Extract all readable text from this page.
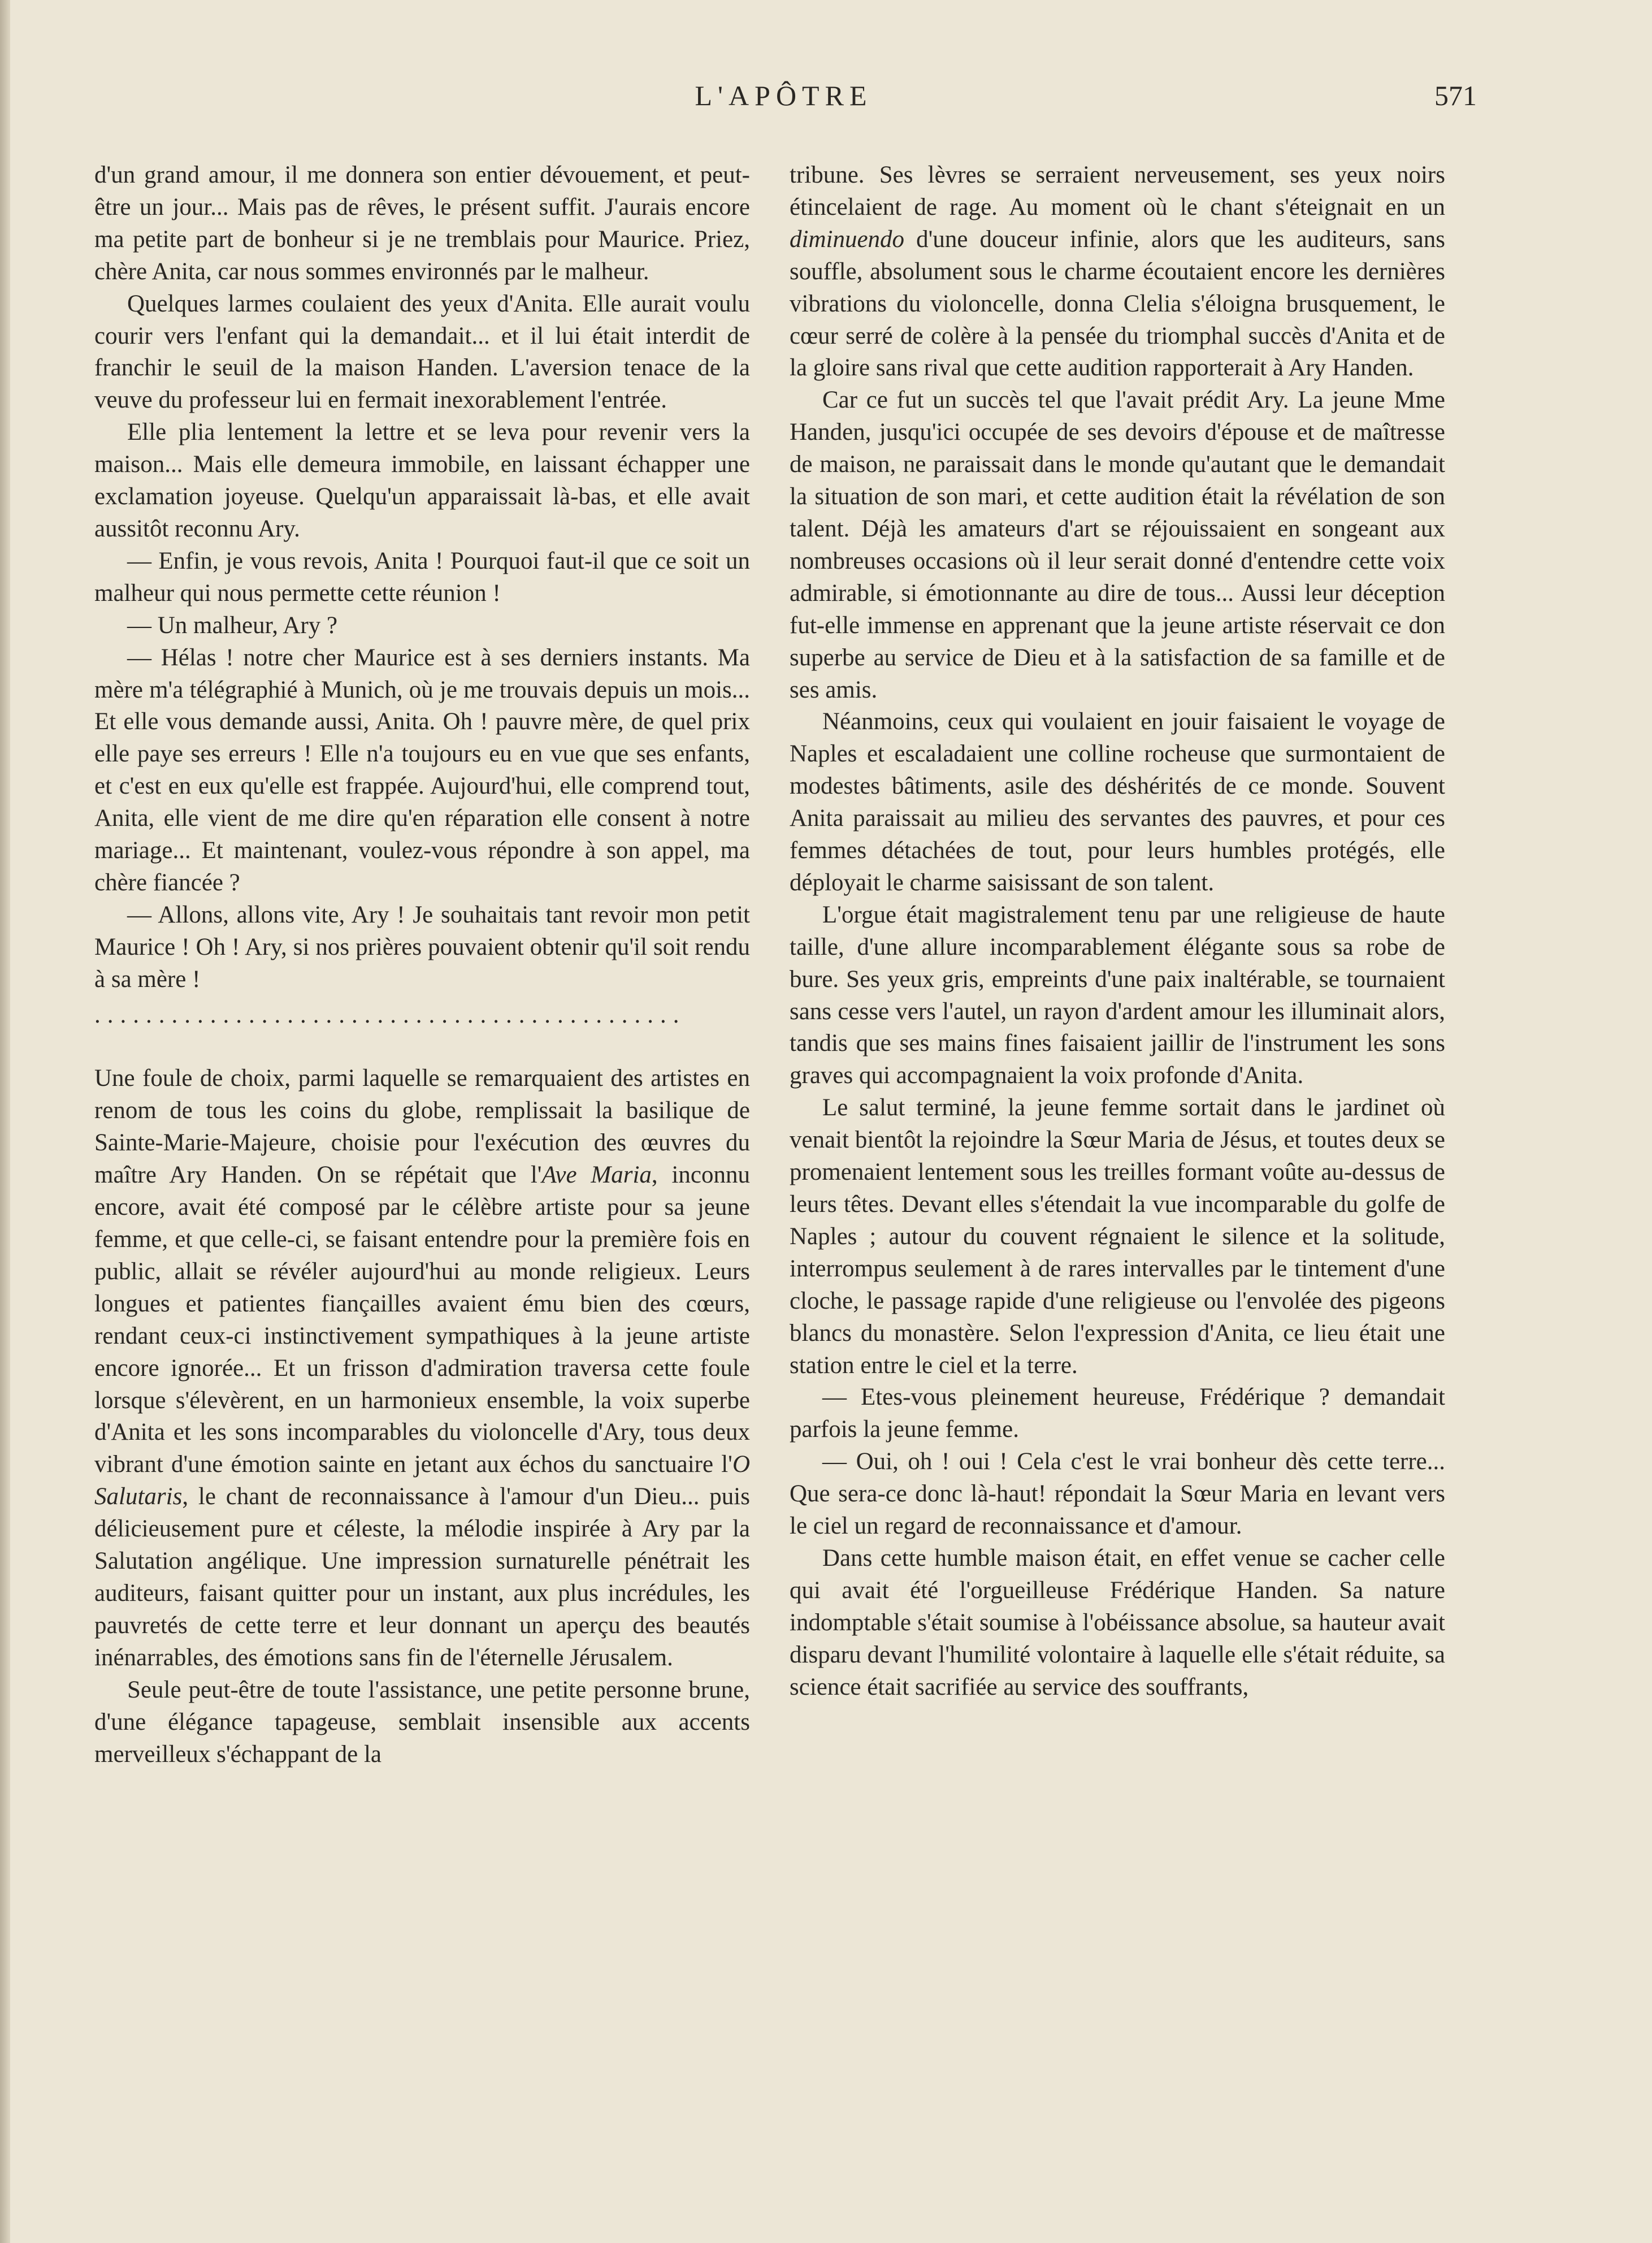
L'APÔTRE	571

d'un grand amour, il me donnera son entier dévouement, et peut-être un jour... Mais pas de rêves, le présent suffit. J'aurais encore ma petite part de bonheur si je ne tremblais pour Maurice. Priez, chère Anita, car nous sommes environnés par le malheur.

Quelques larmes coulaient des yeux d'Anita. Elle aurait voulu courir vers l'enfant qui la demandait... et il lui était interdit de franchir le seuil de la maison Handen. L'aversion tenace de la veuve du professeur lui en fermait inexorablement l'entrée.

Elle plia lentement la lettre et se leva pour revenir vers la maison... Mais elle demeura immobile, en laissant échapper une exclamation joyeuse. Quelqu'un apparaissait là-bas, et elle avait aussitôt reconnu Ary.

— Enfin, je vous revois, Anita ! Pourquoi faut-il que ce soit un malheur qui nous permette cette réunion !

— Un malheur, Ary ?

— Hélas ! notre cher Maurice est à ses derniers instants. Ma mère m'a télégraphié à Munich, où je me trouvais depuis un mois... Et elle vous demande aussi, Anita. Oh ! pauvre mère, de quel prix elle paye ses erreurs ! Elle n'a toujours eu en vue que ses enfants, et c'est en eux qu'elle est frappée. Aujourd'hui, elle comprend tout, Anita, elle vient de me dire qu'en réparation elle consent à notre mariage... Et maintenant, voulez-vous répondre à son appel, ma chère fiancée ?

— Allons, allons vite, Ary ! Je souhaitais tant revoir mon petit Maurice ! Oh ! Ary, si nos prières pouvaient obtenir qu'il soit rendu à sa mère !

..............................................

Une foule de choix, parmi laquelle se remarquaient des artistes en renom de tous les coins du globe, remplissait la basilique de Sainte-Marie-Majeure, choisie pour l'exécution des œuvres du maître Ary Handen. On se répétait que l'Ave Maria, inconnu encore, avait été composé par le célèbre artiste pour sa jeune femme, et que celle-ci, se faisant entendre pour la première fois en public, allait se révéler aujourd'hui au monde religieux. Leurs longues et patientes fiançailles avaient ému bien des cœurs, rendant ceux-ci instinctivement sympathiques à la jeune artiste encore ignorée... Et un frisson d'admiration traversa cette foule lorsque s'élevèrent, en un harmonieux ensemble, la voix superbe d'Anita et les sons incomparables du violoncelle d'Ary, tous deux vibrant d'une émotion sainte en jetant aux échos du sanctuaire l'O Salutaris, le chant de reconnaissance à l'amour d'un Dieu... puis délicieusement pure et céleste, la mélodie inspirée à Ary par la Salutation angélique. Une impression surnaturelle pénétrait les auditeurs, faisant quitter pour un instant, aux plus incrédules, les pauvretés de cette terre et leur donnant un aperçu des beautés inénarrables, des émotions sans fin de l'éternelle Jérusalem.

Seule peut-être de toute l'assistance, une petite personne brune, d'une élégance tapageuse, semblait insensible aux accents merveilleux s'échappant de la

tribune. Ses lèvres se serraient nerveusement, ses yeux noirs étincelaient de rage. Au moment où le chant s'éteignait en un diminuendo d'une douceur infinie, alors que les auditeurs, sans souffle, absolument sous le charme écoutaient encore les dernières vibrations du violoncelle, donna Clelia s'éloigna brusquement, le cœur serré de colère à la pensée du triomphal succès d'Anita et de la gloire sans rival que cette audition rapporterait à Ary Handen.

Car ce fut un succès tel que l'avait prédit Ary. La jeune Mme Handen, jusqu'ici occupée de ses devoirs d'épouse et de maîtresse de maison, ne paraissait dans le monde qu'autant que le demandait la situation de son mari, et cette audition était la révélation de son talent. Déjà les amateurs d'art se réjouissaient en songeant aux nombreuses occasions où il leur serait donné d'entendre cette voix admirable, si émotionnante au dire de tous... Aussi leur déception fut-elle immense en apprenant que la jeune artiste réservait ce don superbe au service de Dieu et à la satisfaction de sa famille et de ses amis.

Néanmoins, ceux qui voulaient en jouir faisaient le voyage de Naples et escaladaient une colline rocheuse que surmontaient de modestes bâtiments, asile des déshérités de ce monde. Souvent Anita paraissait au milieu des servantes des pauvres, et pour ces femmes détachées de tout, pour leurs humbles protégés, elle déployait le charme saisissant de son talent.

L'orgue était magistralement tenu par une religieuse de haute taille, d'une allure incomparablement élégante sous sa robe de bure. Ses yeux gris, empreints d'une paix inaltérable, se tournaient sans cesse vers l'autel, un rayon d'ardent amour les illuminait alors, tandis que ses mains fines faisaient jaillir de l'instrument les sons graves qui accompagnaient la voix profonde d'Anita.

Le salut terminé, la jeune femme sortait dans le jardinet où venait bientôt la rejoindre la Sœur Maria de Jésus, et toutes deux se promenaient lentement sous les treilles formant voûte au-dessus de leurs têtes. Devant elles s'étendait la vue incomparable du golfe de Naples ; autour du couvent régnaient le silence et la solitude, interrompus seulement à de rares intervalles par le tintement d'une cloche, le passage rapide d'une religieuse ou l'envolée des pigeons blancs du monastère. Selon l'expression d'Anita, ce lieu était une station entre le ciel et la terre.

— Etes-vous pleinement heureuse, Frédérique ? demandait parfois la jeune femme.

— Oui, oh ! oui ! Cela c'est le vrai bonheur dès cette terre... Que sera-ce donc là-haut! répondait la Sœur Maria en levant vers le ciel un regard de reconnaissance et d'amour.

Dans cette humble maison était, en effet venue se cacher celle qui avait été l'orgueilleuse Frédérique Handen. Sa nature indomptable s'était soumise à l'obéissance absolue, sa hauteur avait disparu devant l'humilité volontaire à laquelle elle s'était réduite, sa science était sacrifiée au service des souffrants,
